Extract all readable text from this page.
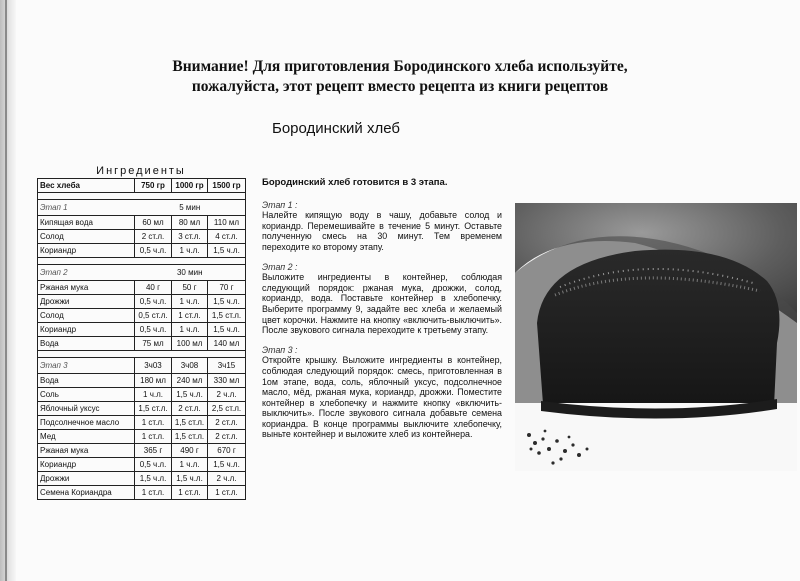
Внимание! Для приготовления Бородинского хлеба используйте,
пожалуйста, этот рецепт вместо рецепта из книги рецептов
Бородинский хлеб
Ингредиенты
Вес хлеба	750 гр	1000 гр	1500 гр

Этап 1	5 мин		
Кипящая вода	60 мл	80 мл	110 мл
Солод	2 ст.л.	3 ст.л.	4 ст.л.
Кориандр	0,5 ч.л.	1 ч.л.	1,5 ч.л.

Этап 2	30 мин		
Ржаная мука	40 г	50 г	70 г
Дрожжи	0,5 ч.л.	1 ч.л.	1,5 ч.л.
Солод	0,5 ст.л.	1 ст.л.	1,5 ст.л.
Кориандр	0,5 ч.л.	1 ч.л.	1,5 ч.л.
Вода	75 мл	100 мл	140 мл

Этап 3	3ч03	3ч08	3ч15
Вода	180 мл	240 мл	330 мл
Соль	1 ч.л.	1,5 ч.л.	2 ч.л.
Яблочный уксус	1,5 ст.л.	2 ст.л.	2,5 ст.л.
Подсолнечное масло	1 ст.л.	1,5 ст.л.	2 ст.л.
Мед	1 ст.л.	1,5 ст.л.	2 ст.л.
Ржаная мука	365 г	490 г	670 г
Кориандр	0,5 ч.л.	1 ч.л.	1,5 ч.л.
Дрожжи	1,5 ч.л.	1,5 ч.л.	2 ч.л.
Семена Кориандра	1 ст.л.	1 ст.л.	1 ст.л.
Бородинский хлеб готовится в 3 этапа.
Этап 1 :

Налейте кипящую воду в чашу, добавьте солод и кориандр. Перемешивайте в течение 5 минут. Оставьте полученную смесь на 30 минут. Тем временем переходите ко второму этапу.

Этап 2 :

Выложите ингредиенты в контейнер, соблюдая следующий порядок: ржаная мука, дрожжи, солод, кориандр, вода. Поставьте контейнер в хлебопечку. Выберите программу 9, задайте вес хлеба и желаемый цвет корочки. Нажмите на кнопку «включить-выключить». После звукового сигнала переходите к третьему этапу.

Этап 3 :

Откройте крышку. Выложите ингредиенты в контейнер, соблюдая следующий порядок: смесь, приготовленная в 1ом этапе, вода, соль, яблочный уксус, подсолнечное масло, мёд, ржаная мука, кориандр, дрожжи. Поместите контейнер в хлебопечку и нажмите кнопку «включить-выключить». После звукового сигнала добавьте семена кориандра. В конце программы выключите хлебопечку, выньте контейнер и выложите хлеб из контейнера.
